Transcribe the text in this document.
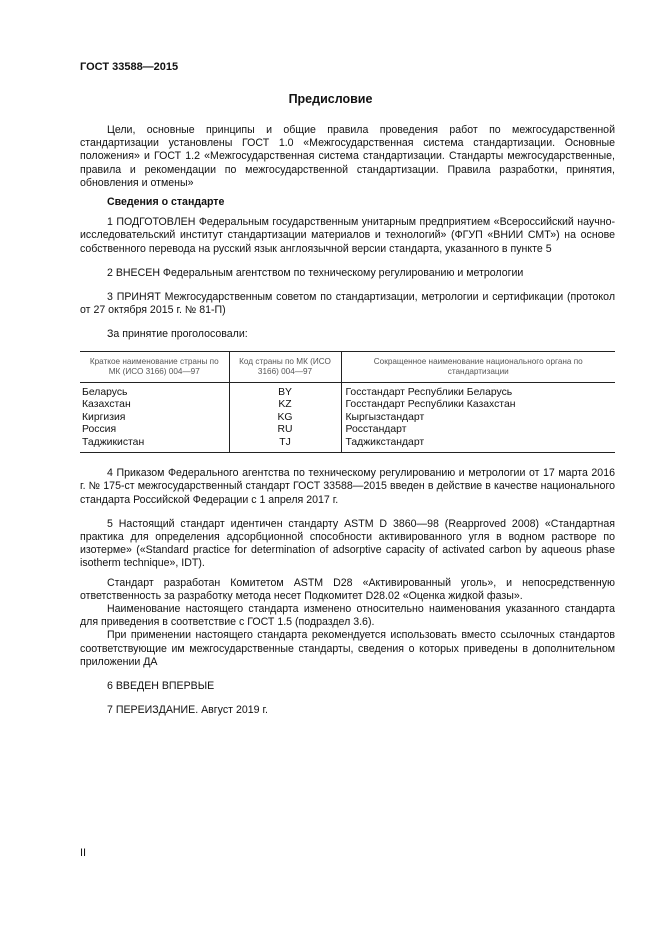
ГОСТ 33588—2015
Предисловие

Цели, основные принципы и общие правила проведения работ по межгосударственной стандартизации установлены ГОСТ 1.0 «Межгосударственная система стандартизации. Основные положения» и ГОСТ 1.2 «Межгосударственная система стандартизации. Стандарты межгосударственные, правила и рекомендации по межгосударственной стандартизации. Правила разработки, принятия, обновления и отмены»

Сведения о стандарте

1 ПОДГОТОВЛЕН Федеральным государственным унитарным предприятием «Всероссийский научно-исследовательский институт стандартизации материалов и технологий» (ФГУП «ВНИИ СМТ») на основе собственного перевода на русский язык англоязычной версии стандарта, указанного в пункте 5

2 ВНЕСЕН Федеральным агентством по техническому регулированию и метрологии

3 ПРИНЯТ Межгосударственным советом по стандартизации, метрологии и сертификации (протокол от 27 октября 2015 г. № 81-П)

За принятие проголосовали:

Краткое наименование страны по МК (ИСО 3166) 004—97	Код страны по МК (ИСО 3166) 004—97	Сокращенное наименование национального органа по стандартизации
Беларусь	BY	Госстандарт Республики Беларусь
Казахстан	KZ	Госстандарт Республики Казахстан
Киргизия	KG	Кыргызстандарт
Россия	RU	Росстандарт
Таджикистан	TJ	Таджикстандарт

4 Приказом Федерального агентства по техническому регулированию и метрологии от 17 марта 2016 г. № 175-ст межгосударственный стандарт ГОСТ 33588—2015 введен в действие в качестве национального стандарта Российской Федерации с 1 апреля 2017 г.

5 Настоящий стандарт идентичен стандарту ASTM D 3860—98 (Reapproved 2008) «Стандартная практика для определения адсорбционной способности активированного угля в водном растворе по изотерме» («Standard practice for determination of adsorptive capacity of activated carbon by aqueous phase isotherm technique», IDT).

Стандарт разработан Комитетом ASTM D28 «Активированный уголь», и непосредственную ответственность за разработку метода несет Подкомитет D28.02 «Оценка жидкой фазы».

Наименование настоящего стандарта изменено относительно наименования указанного стандарта для приведения в соответствие с ГОСТ 1.5 (подраздел 3.6).

При применении настоящего стандарта рекомендуется использовать вместо ссылочных стандартов соответствующие им межгосударственные стандарты, сведения о которых приведены в дополнительном приложении ДА

6 ВВЕДЕН ВПЕРВЫЕ

7 ПЕРЕИЗДАНИЕ. Август 2019 г.

II
